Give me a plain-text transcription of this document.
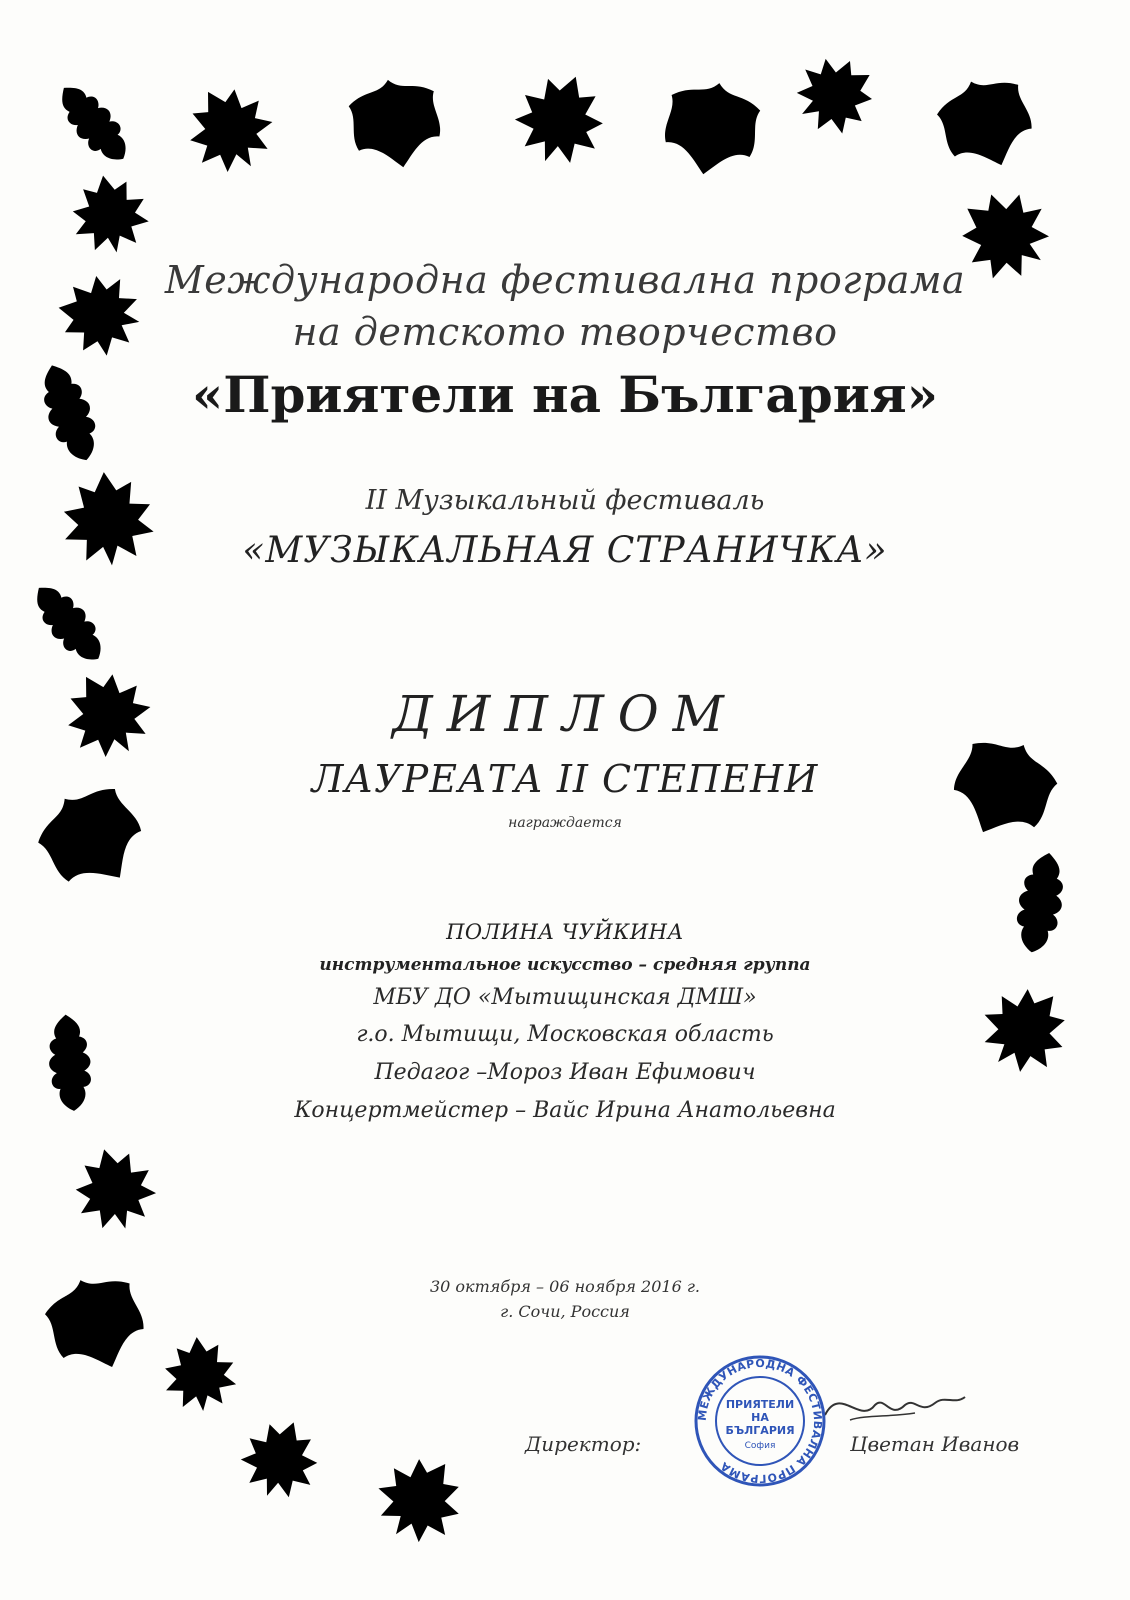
Международна фестивална програма
на детското творчество
«Приятели на България»
II Музыкальный фестиваль
«МУЗЫКАЛЬНАЯ СТРАНИЧКА»
ДИПЛОМ
ЛАУРЕАТА II СТЕПЕНИ
награждается
ПОЛИНА ЧУЙКИНА
инструментальное искусство – средняя группа
МБУ ДО «Мытищинская ДМШ»
г.о. Мытищи, Московская область
Педагог –Мороз Иван Ефимович
Концертмейстер – Вайс Ирина Анатольевна
30 октября – 06 ноября 2016 г.
г. Сочи, Россия
Директор:	Цветан Иванов
МЕЖДУНАРОДНА ФЕСТИВАЛНА ПРОГРАМА
ПРИЯТЕЛИ
НА
БЪЛГАРИЯ
София
